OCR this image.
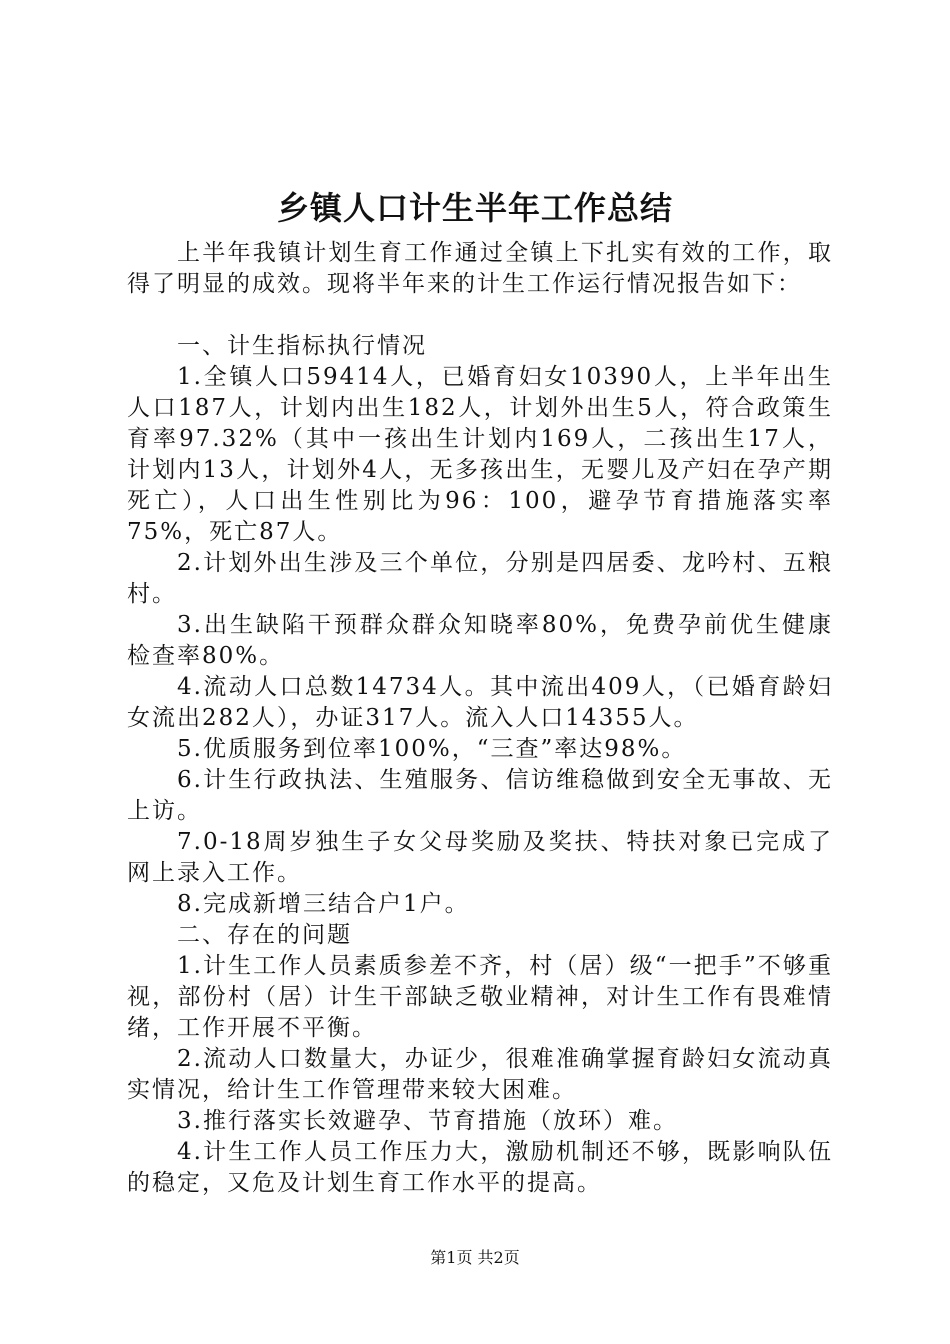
乡镇人口计生半年工作总结

上半年我镇计划生育工作通过全镇上下扎实有效的工作，取得了明显的成效。现将半年来的计生工作运行情况报告如下：

一、计生指标执行情况

1.全镇人口59414人，已婚育妇女10390人，上半年出生人口187人，计划内出生182人，计划外出生5人，符合政策生育率97.32%（其中一孩出生计划内169人，二孩出生17人，计划内13人，计划外4人，无多孩出生，无婴儿及产妇在孕产期死亡），人口出生性别比为96：100，避孕节育措施落实率75%，死亡87人。

2.计划外出生涉及三个单位，分别是四居委、龙吟村、五粮村。

3.出生缺陷干预群众群众知晓率80%，免费孕前优生健康检查率80%。

4.流动人口总数14734人。其中流出409人，（已婚育龄妇女流出282人），办证317人。流入人口14355人。

5.优质服务到位率100%，“三查”率达98%。

6.计生行政执法、生殖服务、信访维稳做到安全无事故、无上访。

7.0-18周岁独生子女父母奖励及奖扶、特扶对象已完成了网上录入工作。

8.完成新增三结合户1户。

二、存在的问题

1.计生工作人员素质参差不齐，村（居）级“一把手”不够重视，部份村（居）计生干部缺乏敬业精神，对计生工作有畏难情绪，工作开展不平衡。

2.流动人口数量大，办证少，很难准确掌握育龄妇女流动真实情况，给计生工作管理带来较大困难。

3.推行落实长效避孕、节育措施（放环）难。

4.计生工作人员工作压力大，激励机制还不够，既影响队伍的稳定，又危及计划生育工作水平的提高。

第1页 共2页
